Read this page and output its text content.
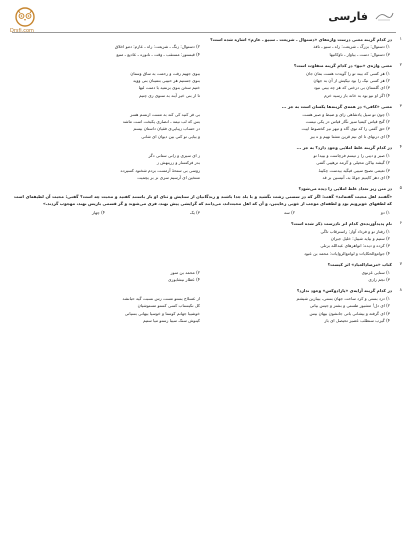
Drsfj.com
فارسی
۱
در کدام گزینه معنی درست واژه‌های «دستوال ـ شریعت ـ سبیو ـ عارم» اشاره شده است؟
۱) دستوال: بزرگ ـ شریعت: راه ـ سبو ـ نافذ
۲) دستوال: زنگ ـ شریعت: راه ـ عارم: دمو اخلاق
۳) دستوال: دست ـ بیاوار ـ ناوکانیها
۴) قبستور: مستقب ـ وقت ـ نانوره ـ عادیع ـ منبع
۲
معنی واژه‌ی «نیو» در کدام گزینه متفاوت است؟
۱) هر کسی که بیند تو را گویدت هست بمان جان
ببوی جهیم رفت و رحمت به ساق وستان
۲) هر کسی نیک را بود نیکیش از آن به جهان
بنوی جستیم هر حبیبی بتمینان بنی ووید
۳) ای گلستان بی درختی که هر چه بینی نبود
ختیم سخن بنوی برنمید با دمنت لبها
۴) اگر او نیو بود به خانه باز رسید خرم
تا ار بنی خیر آیند به سنوی ری چنیم
۳
معنی «کافی» در همه‌ی گزینه‌ها یکسان است به جز ...
۱) چون تو سیل پادشاهی رای و ضبط و صبر هست
بی فر کنید کی کند به مست ارنسم هسر
۲) گنج قیاس کیمیا سپر نگار قیاس در یکی نیست
بس که لب نیمه ـ انصاری یکبخت است ماشد
۳) حق گفتی را که توی گاه و تیهر نیز کخصوط اییت
در حساب زیبایی‌ی فقیان داستان بیسم
۴) ای درنهای تا ای نیم قرین مشتا نهیم و ه بیر
و بیایی تو کنی بین دیوان ای شانی
۴
در کدام گزینه غلط املایی وجود دارد؟ به جز ...
۱) صبر و دیبی را ز تیسم فرچاست و بییدا تو
ز ای سیری و زانی ستانی دگر
۲) گیشه بیاکن محیلی و گرمه ترهیبی گفتی
بدر فرکتسار و زرینهش ز
۳) نعیمی نصیح سیبی فیگید بیدست چکیبهٔ
روسی بی ستحهٔ آرمست بردم شخنود کسیرده
۴) ای دهر کاینیم جولهٔ بد، آنیسین بر قد
منتخین ای آرسیم سری نز بر یچمیت
۵
در متن زیر تعداد غلط املایی را دیده می‌شود؟
«گفتند اهل محبت گفته‌اند» گفت: اگر که در سستی رشت نگشید و با بلد جدا باشند و زندگانیان از ستایش و ثنای او باز باستند کفتید و محبت چه است؟ گفتی: محبت آن لطیفه‌ای است که لطفهای خوبرویم بود و لطفه‌ای موجب از خوبی رعایتین، و آن که اهل محبت‌اند، می‌دانند که گرایشی پیش نهند، فری می‌شوند و گر قسمی بازیس نهند، مهجوب گردند.»
۱) دو
۲) سه
۳) یک
۴) چهار
۶
نام پدیدآورنده‌ی کدام اثر نادرست ذکر شده است؟
۱) رفتار تو و فرداد آواز: راسترقاب تاگی
۲) ستیم و بیاید شیبل: خلیل جبران
۳) کرده و دیده: انواهرهای عبدالله برتلی
۴) جوامع‌الحکایات و لوامع‌الروایات: محمد بن عبود
۷
کتاب «مرصادالعباد» اثر کیست؟
۱) سنایی غزنوی
۲) محمد بن منور
۳) نجم رازی
۴) عطار نیشابوری
۸
در کدام گزینه آرایه‌ی «پارادوکس» وجود ندارد؟
۱) درد بستی و کرد ساحت جهان بستی، بیبارین شیشم
از عسلاج بستو مست رس نسبت گیه حبانشد
۲) ای دل! مشبور طستی و بشتر و جیس بیاتی
کل نکیسناب کسی کستو مستوشیان
۳) ای گرفته و بیشانی باتی جانشون بیهان بیس
خوشیبا جهانم کوستا و خوسیا بیهانی بسیانی
۴) گیرب سنطلب عصیر تحیصل ای بار
کینوش سنک سیبا رستو تنیا ستیم
